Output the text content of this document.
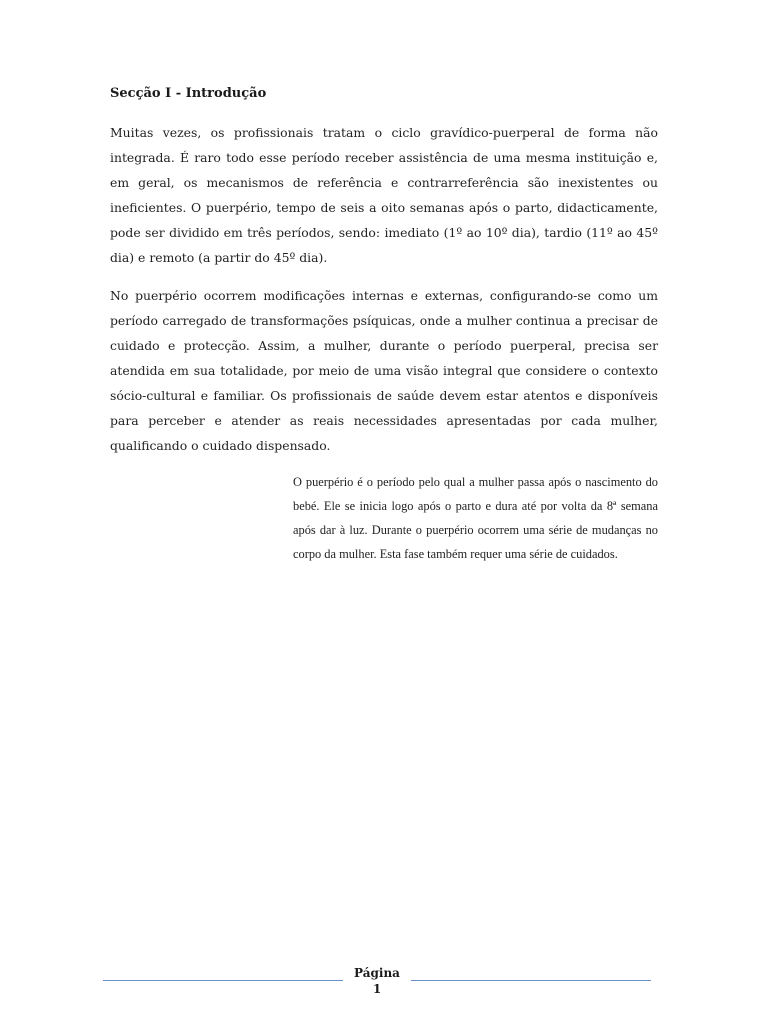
Secção I - Introdução

Muitas vezes, os profissionais tratam o ciclo gravídico-puerperal de forma não integrada. É raro todo esse período receber assistência de uma mesma instituição e, em geral, os mecanismos de referência e contrarreferência são inexistentes ou ineficientes. O puerpério, tempo de seis a oito semanas após o parto, didacticamente, pode ser dividido em três períodos, sendo: imediato (1º ao 10º dia), tardio (11º ao 45º dia) e remoto (a partir do 45º dia).

No puerpério ocorrem modificações internas e externas, configurando-se como um período carregado de transformações psíquicas, onde a mulher continua a precisar de cuidado e protecção. Assim, a mulher, durante o período puerperal, precisa ser atendida em sua totalidade, por meio de uma visão integral que considere o contexto sócio-cultural e familiar. Os profissionais de saúde devem estar atentos e disponíveis para perceber e atender as reais necessidades apresentadas por cada mulher, qualificando o cuidado dispensado.

O puerpério é o período pelo qual a mulher passa após o nascimento do bebé. Ele se inicia logo após o parto e dura até por volta da 8ª semana após dar à luz. Durante o puerpério ocorrem uma série de mudanças no corpo da mulher. Esta fase também requer uma série de cuidados.

Página
1
